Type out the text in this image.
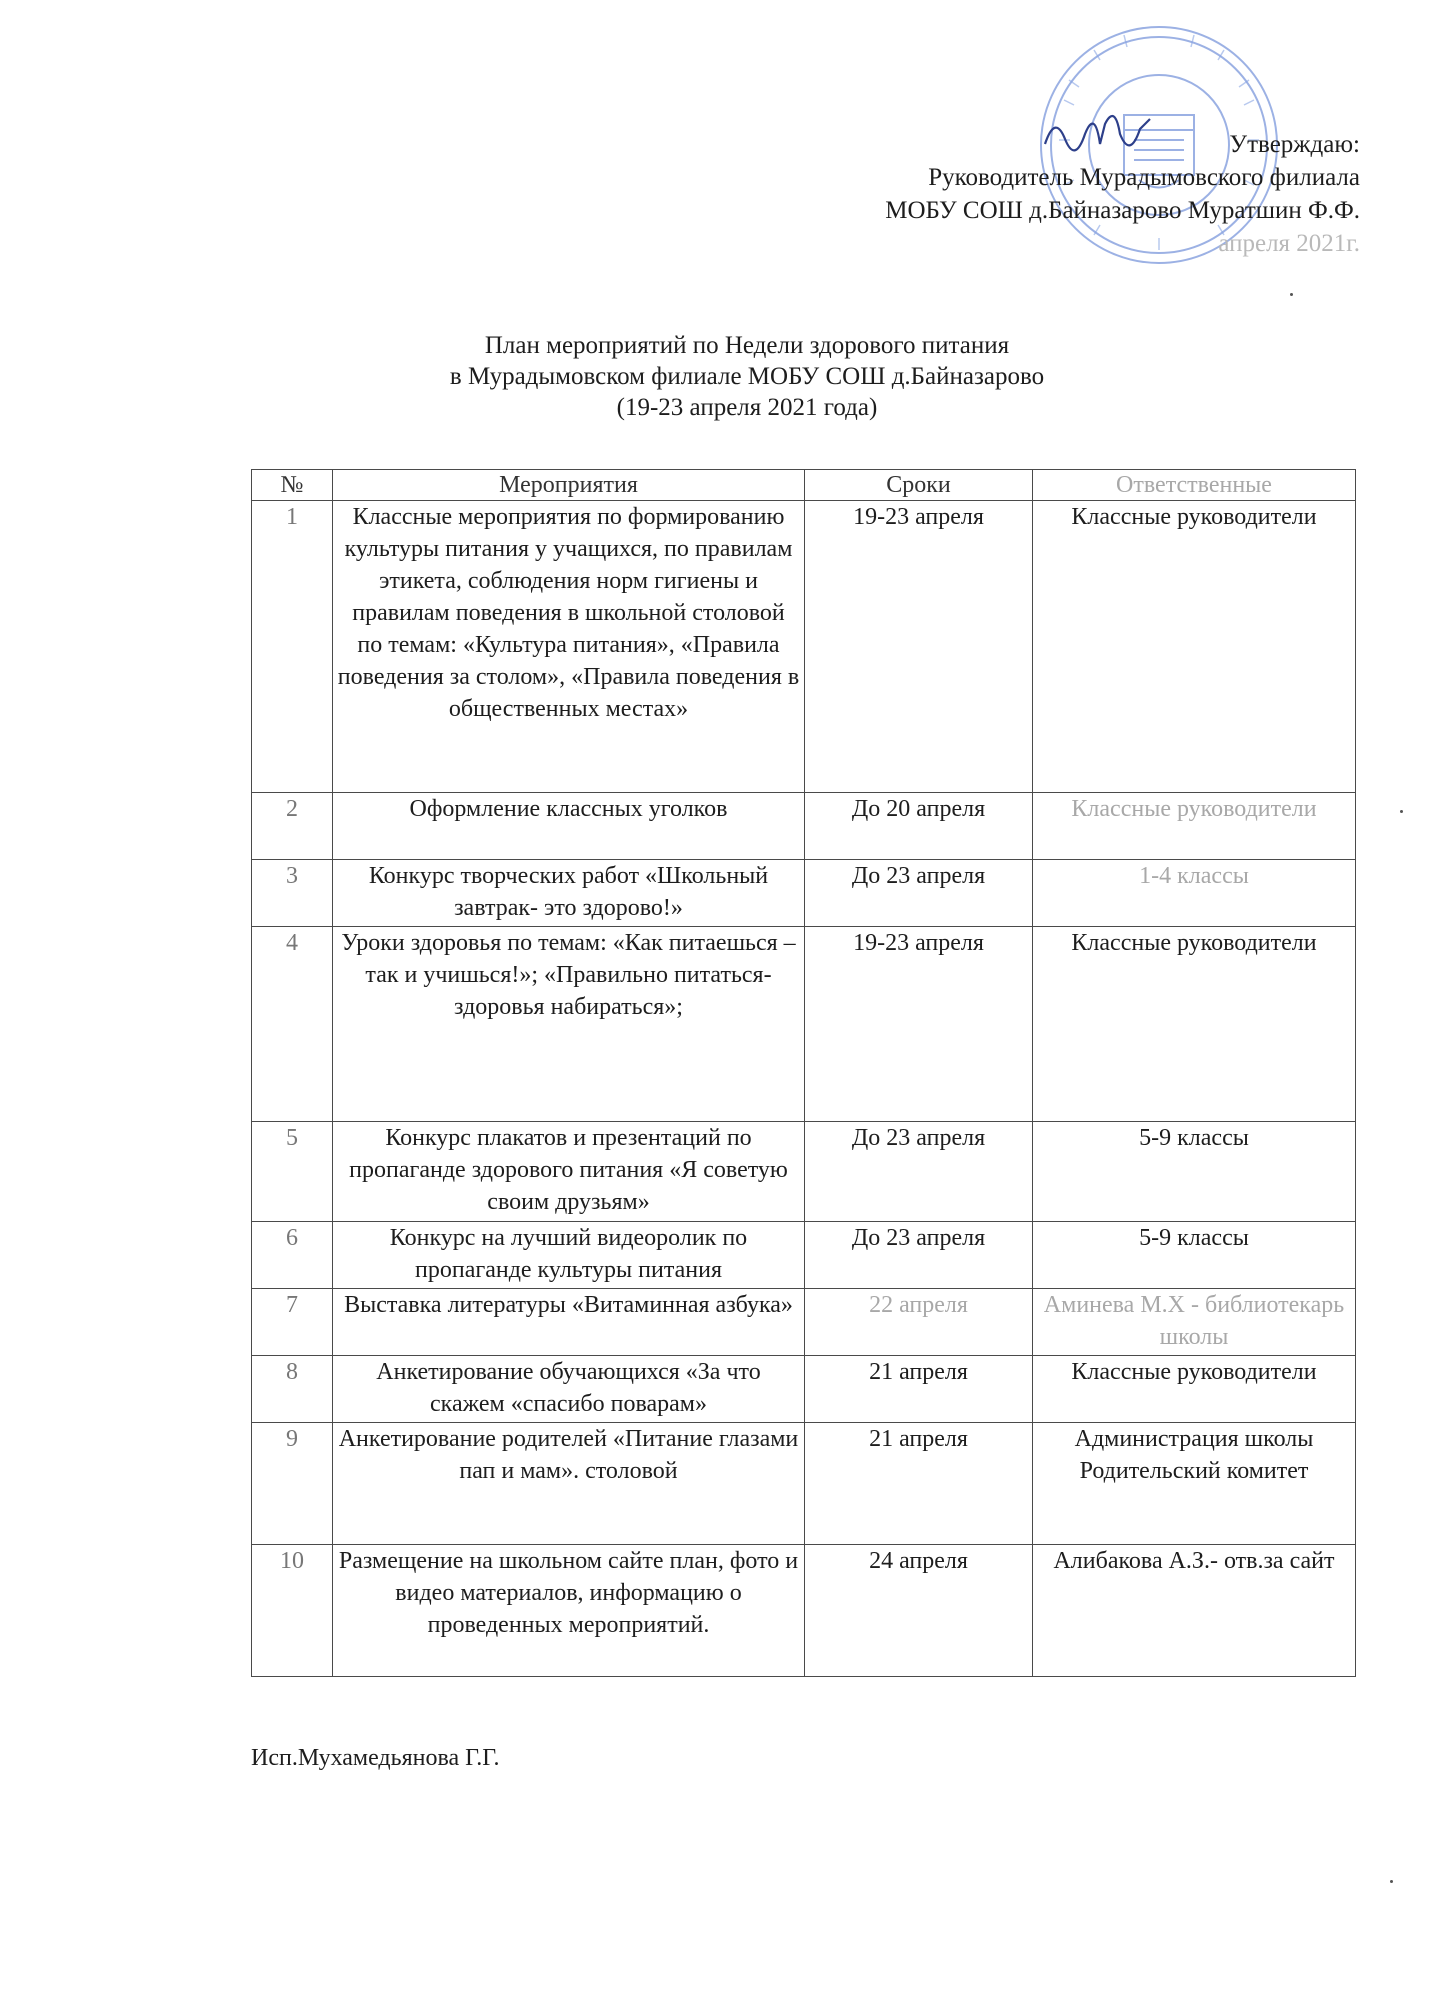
Утверждаю:
Руководитель Мурадымовского филиала
МОБУ СОШ д.Байназарово Муратшин Ф.Ф.
апреля 2021г.
План мероприятий по Недели здорового питания
в Мурадымовском филиале МОБУ СОШ д.Байназарово
(19-23 апреля 2021 года)
№	Мероприятия	Сроки	Ответственные
1	Классные мероприятия по формированию культуры питания у учащихся, по правилам этикета, соблюдения норм гигиены и правилам поведения в школьной столовой по темам: «Культура питания», «Правила поведения за столом», «Правила поведения в общественных местах»	19-23 апреля	Классные руководители
2	Оформление классных уголков	До 20 апреля	Классные руководители
3	Конкурс творческих работ «Школьный завтрак- это здорово!»	До 23 апреля	1-4 классы
4	Уроки здоровья по темам: «Как питаешься –так и учишься!»; «Правильно питаться-здоровья набираться»;	19-23 апреля	Классные руководители
5	Конкурс плакатов и презентаций по пропаганде здорового питания «Я советую своим друзьям»	До 23 апреля	5-9 классы
6	Конкурс на лучший видеоролик по пропаганде культуры питания	До 23 апреля	5-9 классы
7	Выставка литературы «Витаминная азбука»	22 апреля	Аминева М.Х - библиотекарь школы
8	Анкетирование обучающихся «За что скажем «спасибо поварам»	21 апреля	Классные руководители
9	Анкетирование родителей «Питание глазами пап и мам». столовой	21 апреля	Администрация школы Родительский комитет
10	Размещение на школьном сайте план, фото и видео материалов, информацию о проведенных мероприятий.	24 апреля	Алибакова А.З.- отв.за сайт
Исп.Мухамедьянова Г.Г.
